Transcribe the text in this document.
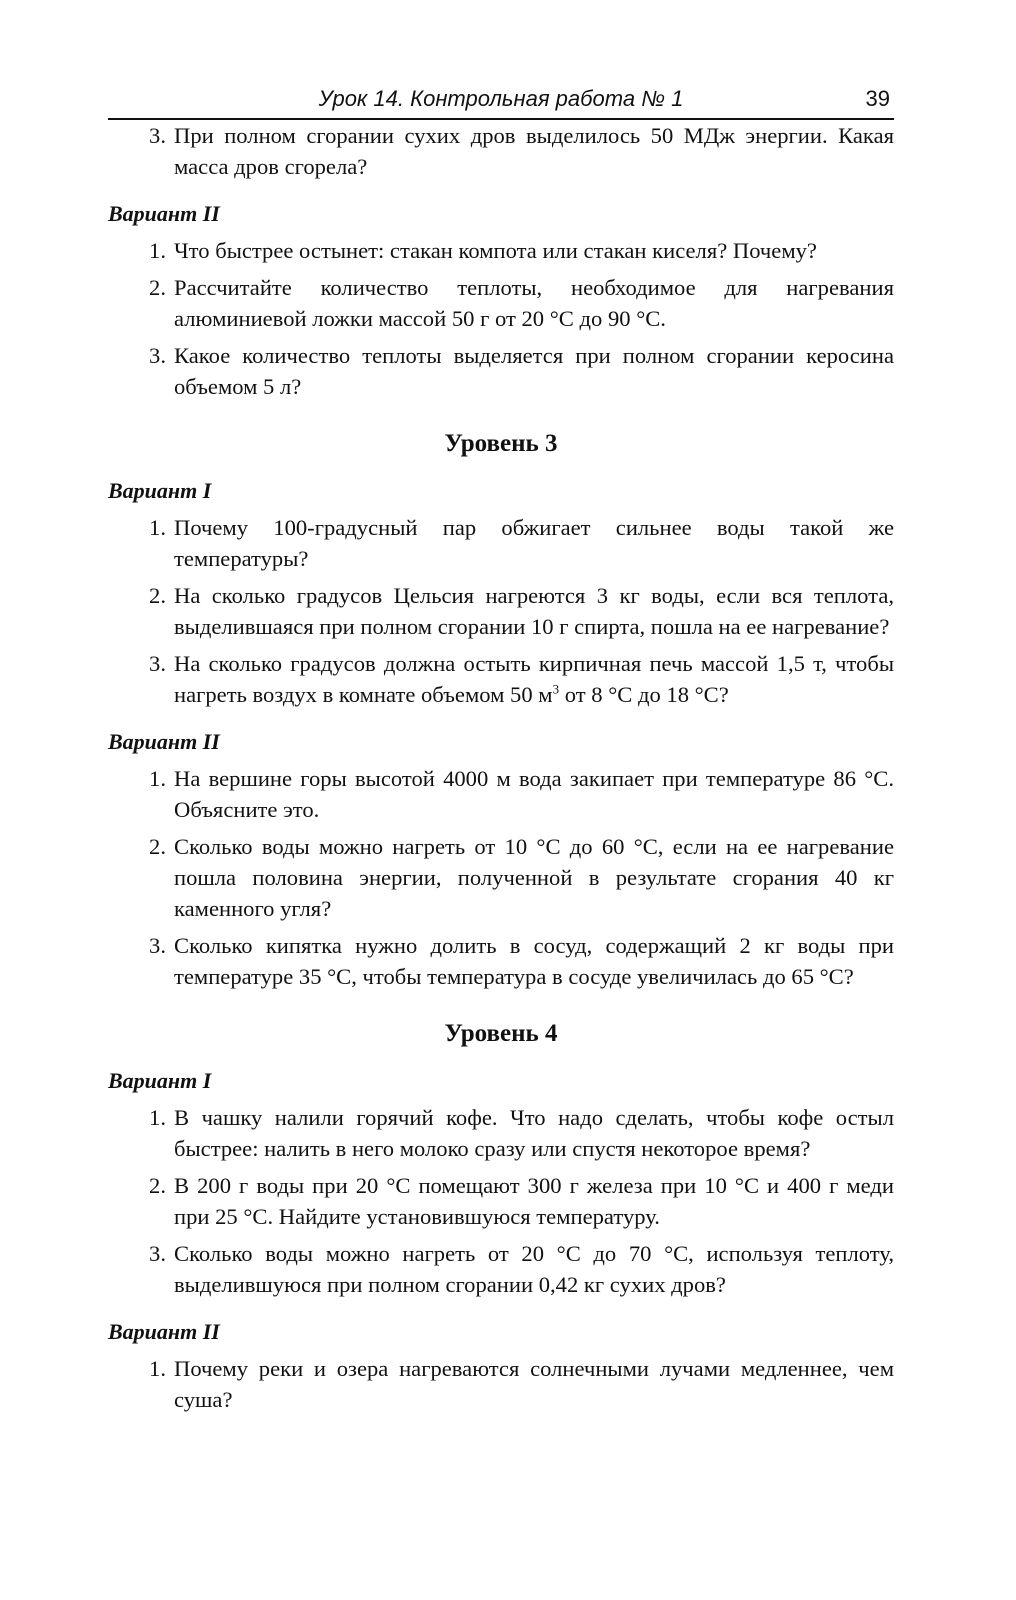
Урок 14. Контрольная работа № 1	39
3. При полном сгорании сухих дров выделилось 50 МДж энергии. Какая масса дров сгорела?
Вариант II
1. Что быстрее остынет: стакан компота или стакан киселя? Почему?
2. Рассчитайте количество теплоты, необходимое для нагревания алюминиевой ложки массой 50 г от 20 °С до 90 °С.
3. Какое количество теплоты выделяется при полном сгорании керосина объемом 5 л?
Уровень 3
Вариант I
1. Почему 100-градусный пар обжигает сильнее воды такой же температуры?
2. На сколько градусов Цельсия нагреются 3 кг воды, если вся теплота, выделившаяся при полном сгорании 10 г спирта, пошла на ее нагревание?
3. На сколько градусов должна остыть кирпичная печь массой 1,5 т, чтобы нагреть воздух в комнате объемом 50 $м^3$ от 8 °С до 18 °С?
Вариант II
1. На вершине горы высотой 4000 м вода закипает при температуре 86 °С. Объясните это.
2. Сколько воды можно нагреть от 10 °С до 60 °С, если на ее нагревание пошла половина энергии, полученной в результате сгорания 40 кг каменного угля?
3. Сколько кипятка нужно долить в сосуд, содержащий 2 кг воды при температуре 35 °С, чтобы температура в сосуде увеличилась до 65 °С?
Уровень 4
Вариант I
1. В чашку налили горячий кофе. Что надо сделать, чтобы кофе остыл быстрее: налить в него молоко сразу или спустя некоторое время?
2. В 200 г воды при 20 °С помещают 300 г железа при 10 °С и 400 г меди при 25 °С. Найдите установившуюся температуру.
3. Сколько воды можно нагреть от 20 °С до 70 °С, используя теплоту, выделившуюся при полном сгорании 0,42 кг сухих дров?
Вариант II
1. Почему реки и озера нагреваются солнечными лучами медленнее, чем суша?
